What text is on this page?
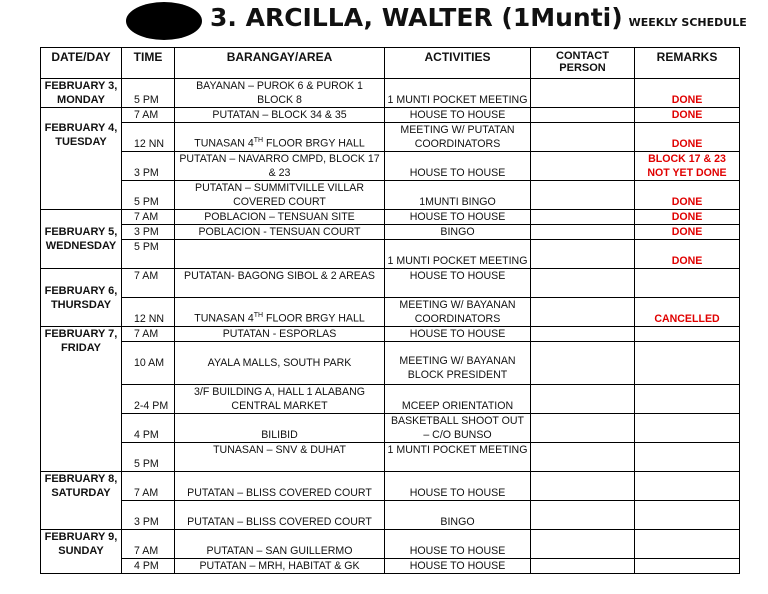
3. ARCILLA, WALTER (1Munti) WEEKLY SCHEDULE
DATE/DAY	TIME	BARANGAY/AREA	ACTIVITIES	CONTACT PERSON	REMARKS
FEBRUARY 3, MONDAY	5 PM	BAYANAN – PUROK 6 & PUROK 1 BLOCK 8	1 MUNTI POCKET MEETING		DONE
FEBRUARY 4, TUESDAY	7 AM	PUTATAN – BLOCK 34 & 35	HOUSE TO HOUSE		DONE
	12 NN	TUNASAN 4TH FLOOR BRGY HALL	MEETING W/ PUTATAN COORDINATORS		DONE
	3 PM	PUTATAN – NAVARRO CMPD, BLOCK 17 & 23	HOUSE TO HOUSE		BLOCK 17 & 23 NOT YET DONE
	5 PM	PUTATAN – SUMMITVILLE VILLAR COVERED COURT	1MUNTI BINGO		DONE
FEBRUARY 5, WEDNESDAY	7 AM	POBLACION – TENSUAN SITE	HOUSE TO HOUSE		DONE
	3 PM	POBLACION - TENSUAN COURT	BINGO		DONE
	5 PM		1 MUNTI POCKET MEETING		DONE
FEBRUARY 6, THURSDAY	7 AM	PUTATAN- BAGONG SIBOL & 2 AREAS	HOUSE TO HOUSE		
	12 NN	TUNASAN 4TH FLOOR BRGY HALL	MEETING W/ BAYANAN COORDINATORS		CANCELLED
FEBRUARY 7, FRIDAY	7 AM	PUTATAN - ESPORLAS	HOUSE TO HOUSE		
	10 AM	AYALA MALLS, SOUTH PARK	MEETING W/ BAYANAN BLOCK PRESIDENT		
	2-4 PM	3/F BUILDING A, HALL 1 ALABANG CENTRAL MARKET	MCEEP ORIENTATION		
	4 PM	BILIBID	BASKETBALL SHOOT OUT – C/O BUNSO		
	5 PM	TUNASAN – SNV & DUHAT	1 MUNTI POCKET MEETING		
FEBRUARY 8, SATURDAY	7 AM	PUTATAN – BLISS COVERED COURT	HOUSE TO HOUSE		
	3 PM	PUTATAN – BLISS COVERED COURT	BINGO		
FEBRUARY 9, SUNDAY	7 AM	PUTATAN – SAN GUILLERMO	HOUSE TO HOUSE		
	4 PM	PUTATAN – MRH, HABITAT & GK	HOUSE TO HOUSE		
